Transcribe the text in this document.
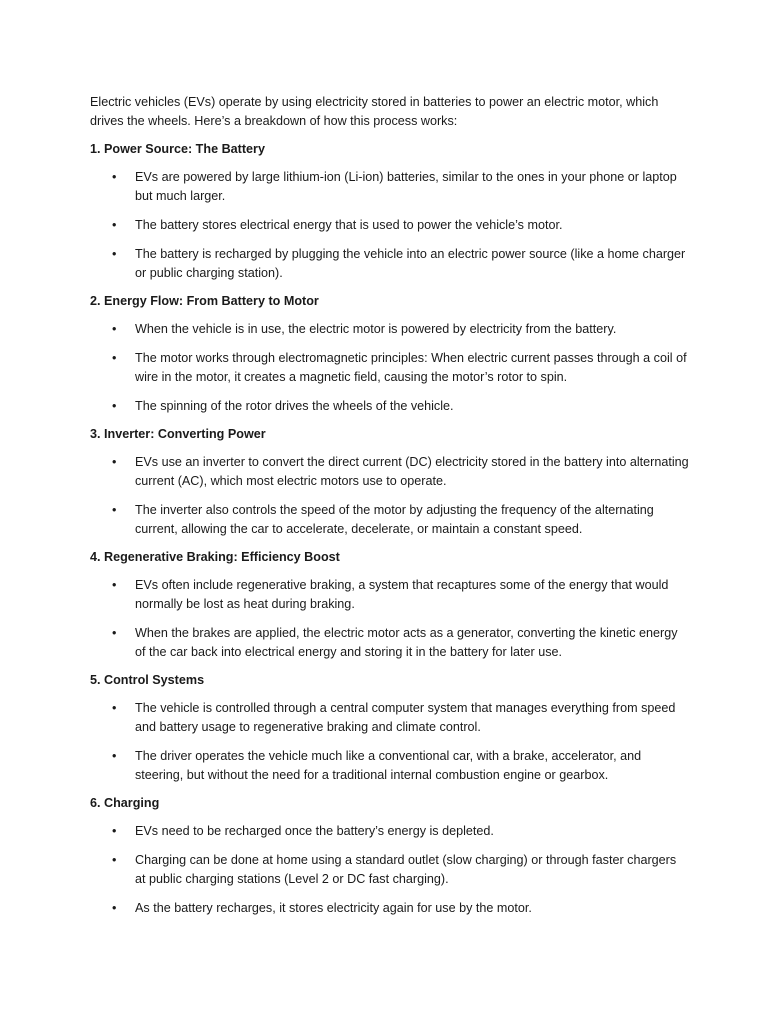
Electric vehicles (EVs) operate by using electricity stored in batteries to power an electric motor, which drives the wheels. Here’s a breakdown of how this process works:

1. Power Source: The Battery
• EVs are powered by large lithium-ion (Li-ion) batteries, similar to the ones in your phone or laptop but much larger.
• The battery stores electrical energy that is used to power the vehicle’s motor.
• The battery is recharged by plugging the vehicle into an electric power source (like a home charger or public charging station).
2. Energy Flow: From Battery to Motor
• When the vehicle is in use, the electric motor is powered by electricity from the battery.
• The motor works through electromagnetic principles: When electric current passes through a coil of wire in the motor, it creates a magnetic field, causing the motor’s rotor to spin.
• The spinning of the rotor drives the wheels of the vehicle.
3. Inverter: Converting Power
• EVs use an inverter to convert the direct current (DC) electricity stored in the battery into alternating current (AC), which most electric motors use to operate.
• The inverter also controls the speed of the motor by adjusting the frequency of the alternating current, allowing the car to accelerate, decelerate, or maintain a constant speed.
4. Regenerative Braking: Efficiency Boost
• EVs often include regenerative braking, a system that recaptures some of the energy that would normally be lost as heat during braking.
• When the brakes are applied, the electric motor acts as a generator, converting the kinetic energy of the car back into electrical energy and storing it in the battery for later use.
5. Control Systems
• The vehicle is controlled through a central computer system that manages everything from speed and battery usage to regenerative braking and climate control.
• The driver operates the vehicle much like a conventional car, with a brake, accelerator, and steering, but without the need for a traditional internal combustion engine or gearbox.
6. Charging
• EVs need to be recharged once the battery’s energy is depleted.
• Charging can be done at home using a standard outlet (slow charging) or through faster chargers at public charging stations (Level 2 or DC fast charging).
• As the battery recharges, it stores electricity again for use by the motor.
